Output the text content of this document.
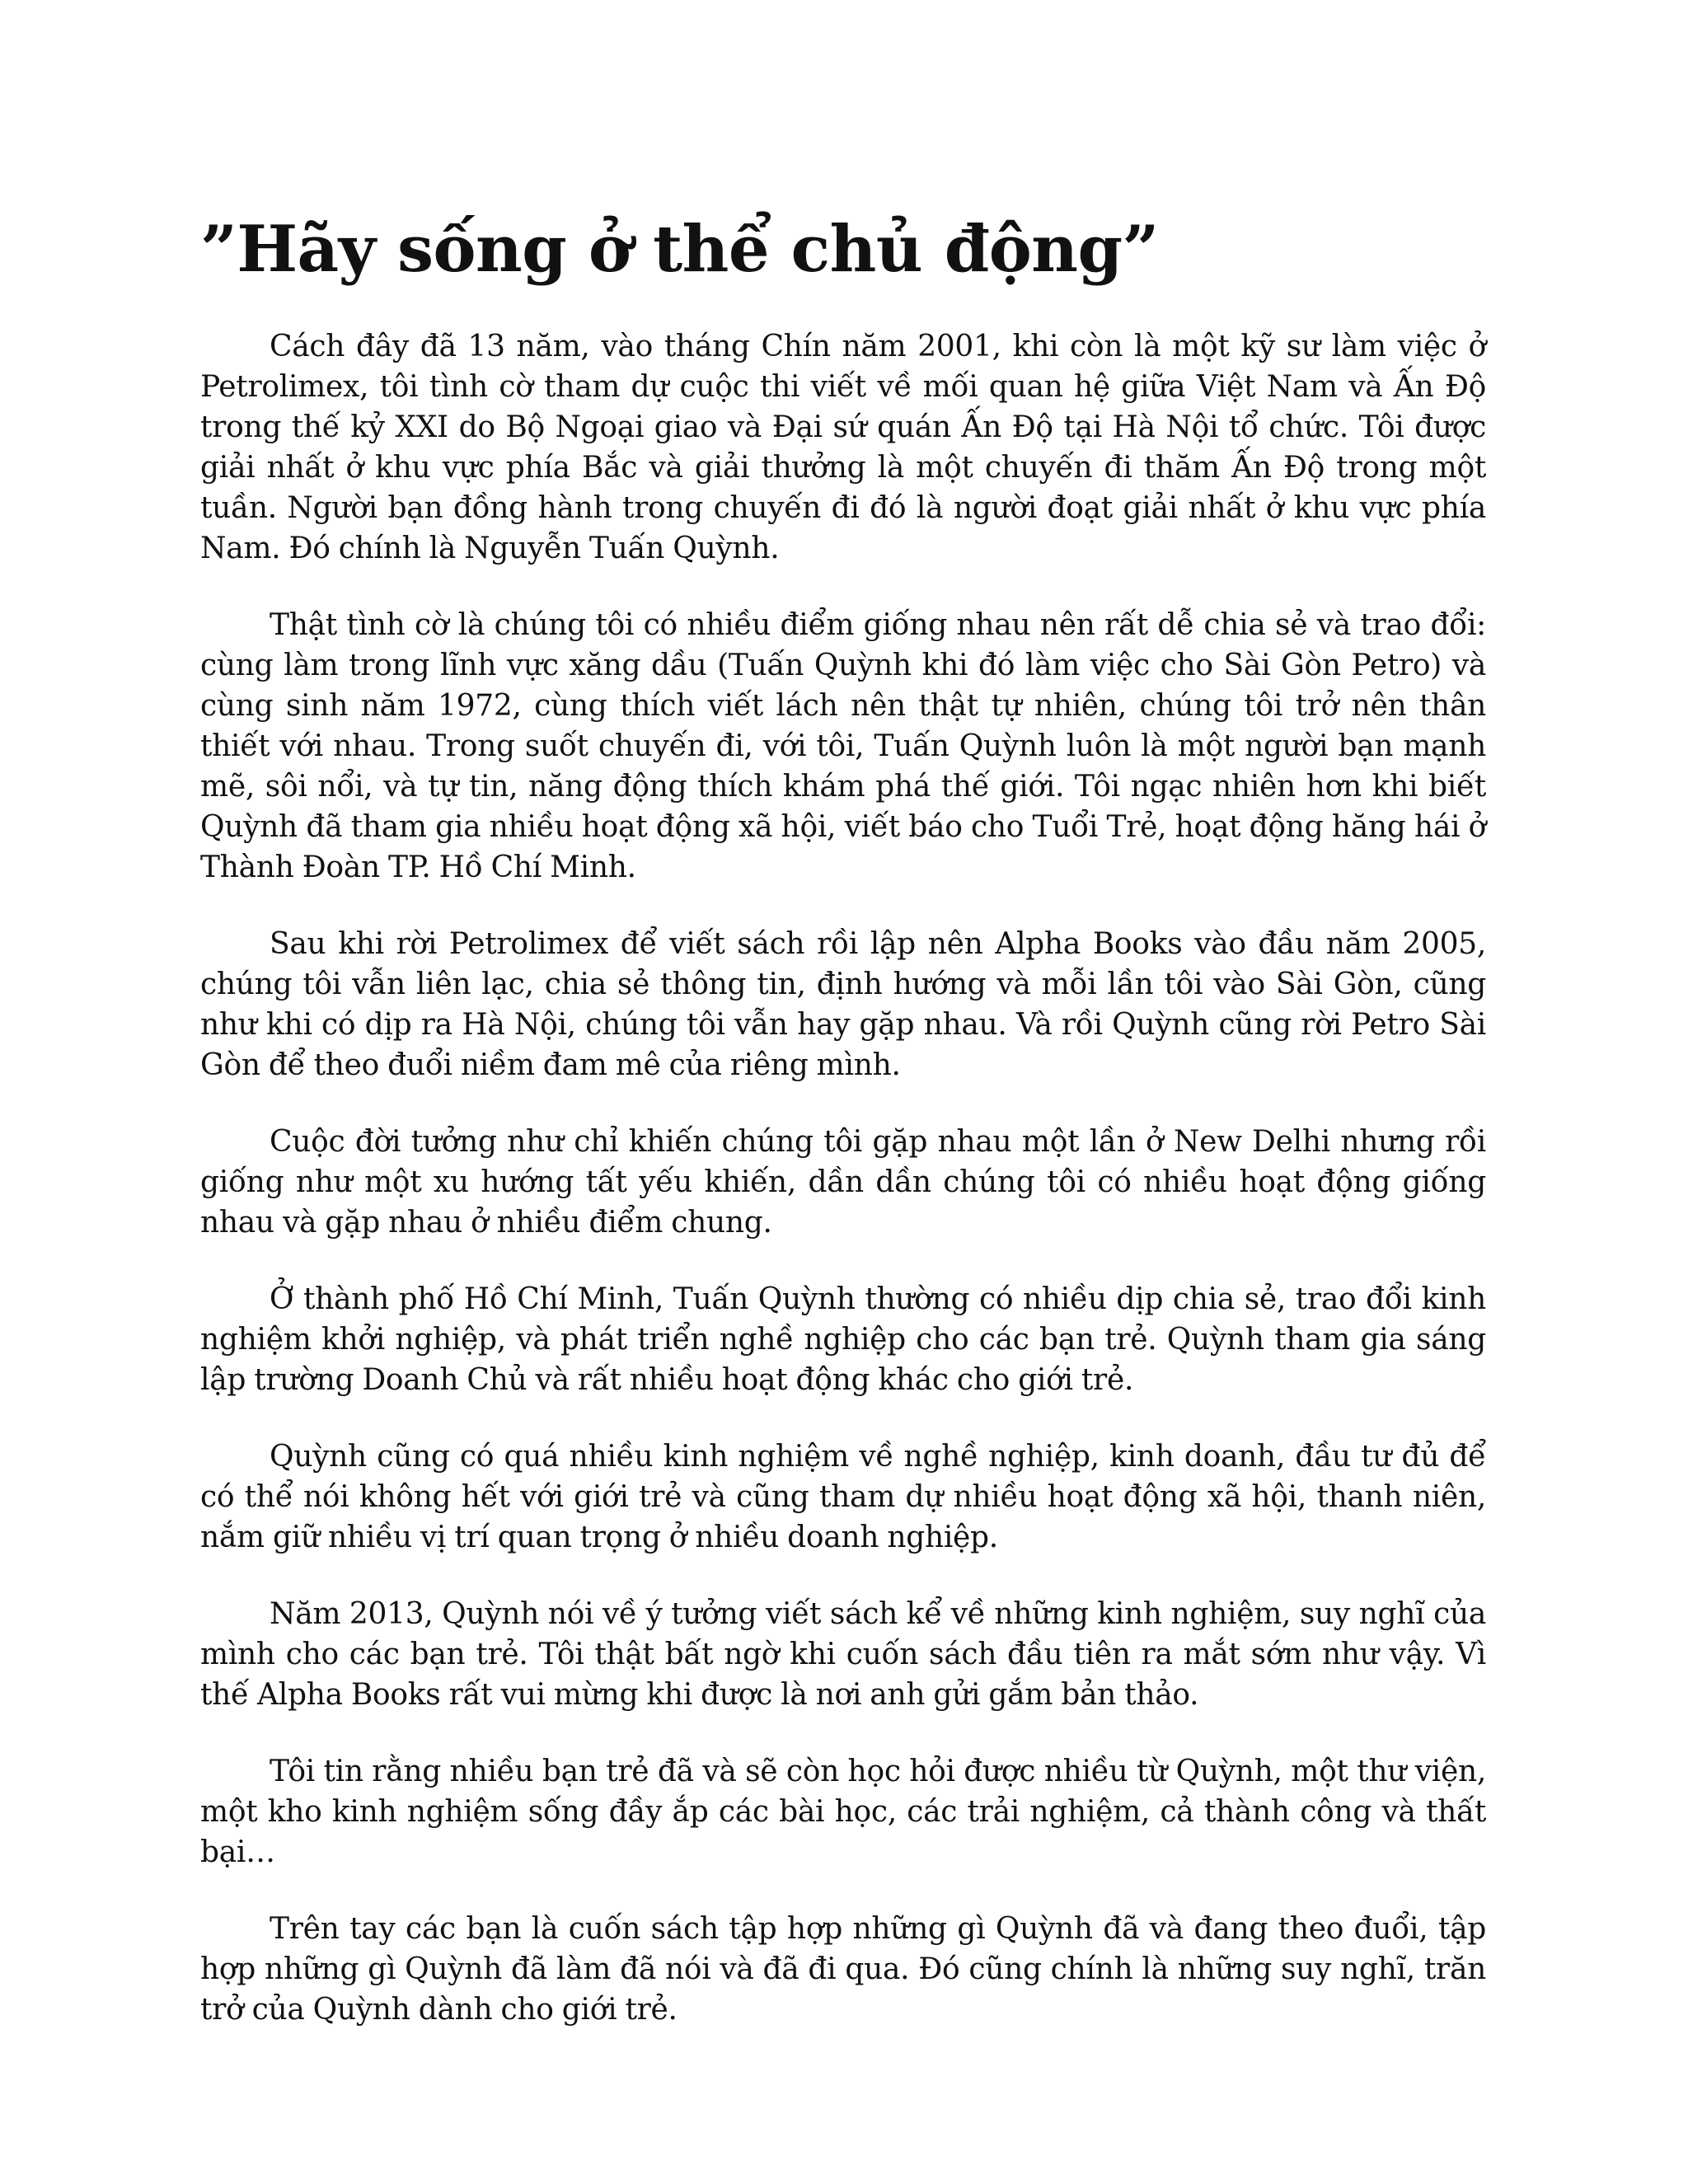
”Hãy sống ở thể chủ động”

Cách đây đã 13 năm, vào tháng Chín năm 2001, khi còn là một kỹ sư làm việc ở Petrolimex, tôi tình cờ tham dự cuộc thi viết về mối quan hệ giữa Việt Nam và Ấn Độ trong thế kỷ XXI do Bộ Ngoại giao và Đại sứ quán Ấn Độ tại Hà Nội tổ chức. Tôi được giải nhất ở khu vực phía Bắc và giải thưởng là một chuyến đi thăm Ấn Độ trong một tuần. Người bạn đồng hành trong chuyến đi đó là người đoạt giải nhất ở khu vực phía Nam. Đó chính là Nguyễn Tuấn Quỳnh.

Thật tình cờ là chúng tôi có nhiều điểm giống nhau nên rất dễ chia sẻ và trao đổi: cùng làm trong lĩnh vực xăng dầu (Tuấn Quỳnh khi đó làm việc cho Sài Gòn Petro) và cùng sinh năm 1972, cùng thích viết lách nên thật tự nhiên, chúng tôi trở nên thân thiết với nhau. Trong suốt chuyến đi, với tôi, Tuấn Quỳnh luôn là một người bạn mạnh mẽ, sôi nổi, và tự tin, năng động thích khám phá thế giới. Tôi ngạc nhiên hơn khi biết Quỳnh đã tham gia nhiều hoạt động xã hội, viết báo cho Tuổi Trẻ, hoạt động hăng hái ở Thành Đoàn TP. Hồ Chí Minh.

Sau khi rời Petrolimex để viết sách rồi lập nên Alpha Books vào đầu năm 2005, chúng tôi vẫn liên lạc, chia sẻ thông tin, định hướng và mỗi lần tôi vào Sài Gòn, cũng như khi có dịp ra Hà Nội, chúng tôi vẫn hay gặp nhau. Và rồi Quỳnh cũng rời Petro Sài Gòn để theo đuổi niềm đam mê của riêng mình.

Cuộc đời tưởng như chỉ khiến chúng tôi gặp nhau một lần ở New Delhi nhưng rồi giống như một xu hướng tất yếu khiến, dần dần chúng tôi có nhiều hoạt động giống nhau và gặp nhau ở nhiều điểm chung.

Ở thành phố Hồ Chí Minh, Tuấn Quỳnh thường có nhiều dịp chia sẻ, trao đổi kinh nghiệm khởi nghiệp, và phát triển nghề nghiệp cho các bạn trẻ. Quỳnh tham gia sáng lập trường Doanh Chủ và rất nhiều hoạt động khác cho giới trẻ.

Quỳnh cũng có quá nhiều kinh nghiệm về nghề nghiệp, kinh doanh, đầu tư đủ để có thể nói không hết với giới trẻ và cũng tham dự nhiều hoạt động xã hội, thanh niên, nắm giữ nhiều vị trí quan trọng ở nhiều doanh nghiệp.

Năm 2013, Quỳnh nói về ý tưởng viết sách kể về những kinh nghiệm, suy nghĩ của mình cho các bạn trẻ. Tôi thật bất ngờ khi cuốn sách đầu tiên ra mắt sớm như vậy. Vì thế Alpha Books rất vui mừng khi được là nơi anh gửi gắm bản thảo.

Tôi tin rằng nhiều bạn trẻ đã và sẽ còn học hỏi được nhiều từ Quỳnh, một thư viện, một kho kinh nghiệm sống đầy ắp các bài học, các trải nghiệm, cả thành công và thất bại…

Trên tay các bạn là cuốn sách tập hợp những gì Quỳnh đã và đang theo đuổi, tập hợp những gì Quỳnh đã làm đã nói và đã đi qua. Đó cũng chính là những suy nghĩ, trăn trở của Quỳnh dành cho giới trẻ.
